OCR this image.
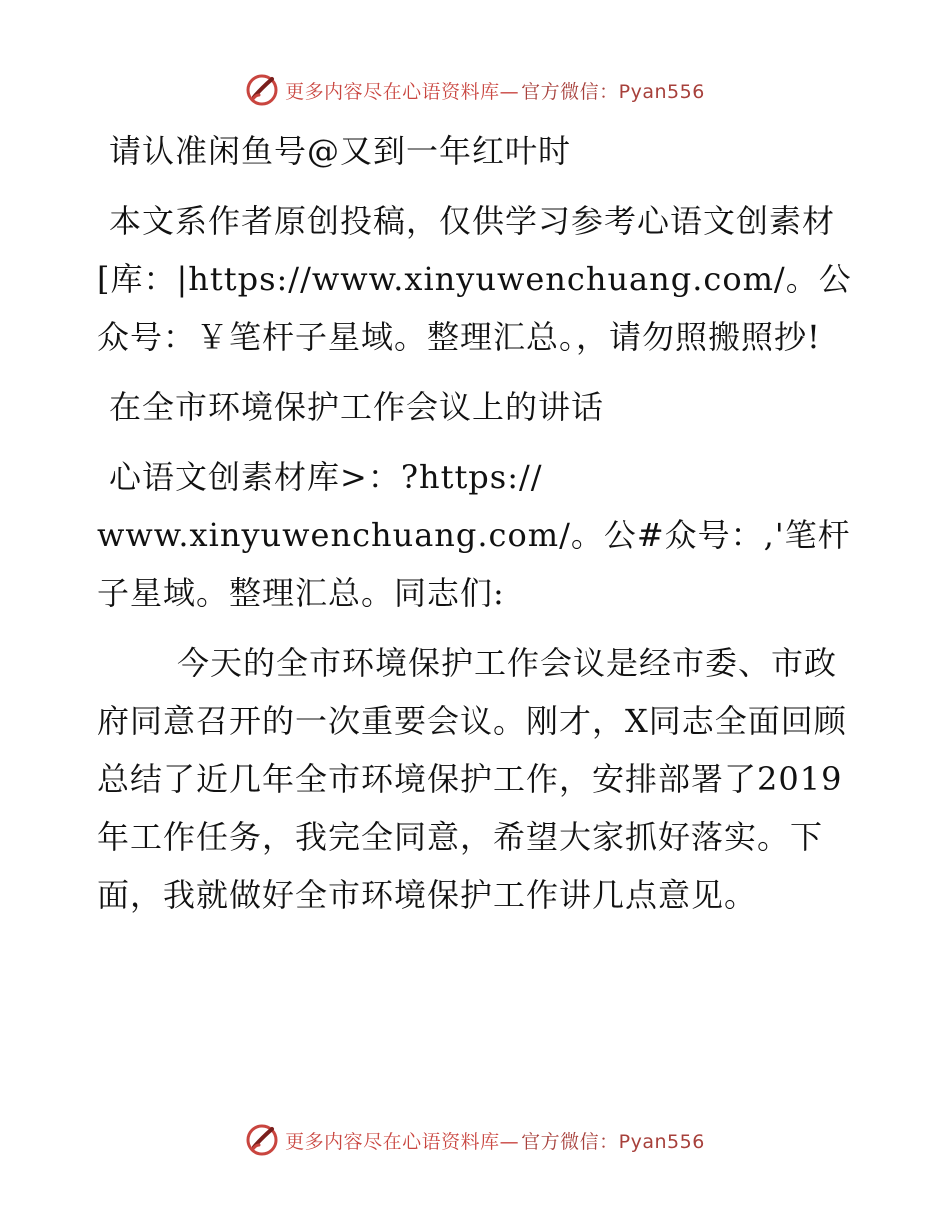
更多内容尽在心语资料库— 官方微信：Pyan556

请认准闲鱼号@又到一年红叶时

本文系作者原创投稿，仅供学习参考心语文创素材[库：|https://www.xinyuwenchuang.com/。公众号：￥笔杆子星域。整理汇总。，请勿照搬照抄!

在全市环境保护工作会议上的讲话

心语文创素材库>：?https://
www.xinyuwenchuang.com/。公#众号：,'笔杆子星域。整理汇总。同志们:

今天的全市环境保护工作会议是经市委、市政府同意召开的一次重要会议。刚才，X同志全面回顾总结了近几年全市环境保护工作，安排部署了2019年工作任务，我完全同意，希望大家抓好落实。下面，我就做好全市环境保护工作讲几点意见。

更多内容尽在心语资料库— 官方微信：Pyan556
